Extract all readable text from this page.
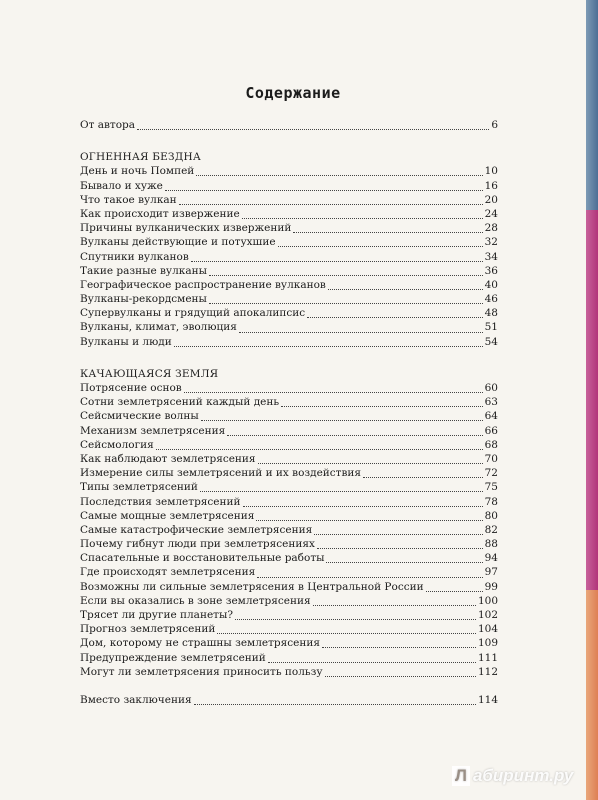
Содержание
От автора	6
ОГНЕННАЯ БЕЗДНА
День и ночь Помпей	10
Бывало и хуже	16
Что такое вулкан	20
Как происходит извержение	24
Причины вулканических извержений	28
Вулканы действующие и потухшие	32
Спутники вулканов	34
Такие разные вулканы	36
Географическое распространение вулканов	40
Вулканы-рекордсмены	46
Супервулканы и грядущий апокалипсис	48
Вулканы, климат, эволюция	51
Вулканы и люди	54
КАЧАЮЩАЯСЯ ЗЕМЛЯ
Потрясение основ	60
Сотни землетрясений каждый день	63
Сейсмические волны	64
Механизм землетрясения	66
Сейсмология	68
Как наблюдают землетрясения	70
Измерение силы землетрясений и их воздействия	72
Типы землетрясений	75
Последствия землетрясений	78
Самые мощные землетрясения	80
Самые катастрофические землетрясения	82
Почему гибнут люди при землетрясениях	88
Спасательные и восстановительные работы	94
Где происходят землетрясения	97
Возможны ли сильные землетрясения в Центральной России	99
Если вы оказались в зоне землетрясения	100
Трясет ли другие планеты?	102
Прогноз землетрясений	104
Дом, которому не страшны землетрясения	109
Предупреждение землетрясений	111
Могут ли землетрясения приносить пользу	112
Вместо заключения	114
Л абиринт.ру
